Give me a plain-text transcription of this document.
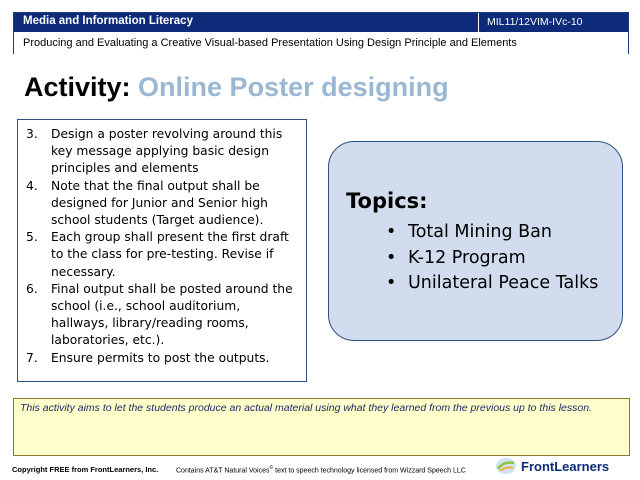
Media and Information Literacy	MIL11/12VIM-IVc-10
Producing and Evaluating a Creative Visual-based Presentation Using Design Principle and Elements
Activity: Online Poster designing
3. Design a poster revolving around this key message applying basic design principles and elements
4. Note that the final output shall be designed for Junior and Senior high school students (Target audience).
5. Each group shall present the first draft to the class for pre-testing. Revise if necessary.
6. Final output shall be posted around the school (i.e., school auditorium, hallways, library/reading rooms, laboratories, etc.).
7. Ensure permits to post the outputs.
Topics:
• Total Mining Ban
• K-12 Program
• Unilateral Peace Talks
This activity aims to let the students produce an actual material using what they learned from the previous up to this lesson.
Copyright FREE from FrontLearners, Inc.	Contains AT&T Natural Voices© text to speech technology licensed from Wizzard Speech LLC	FrontLearners
